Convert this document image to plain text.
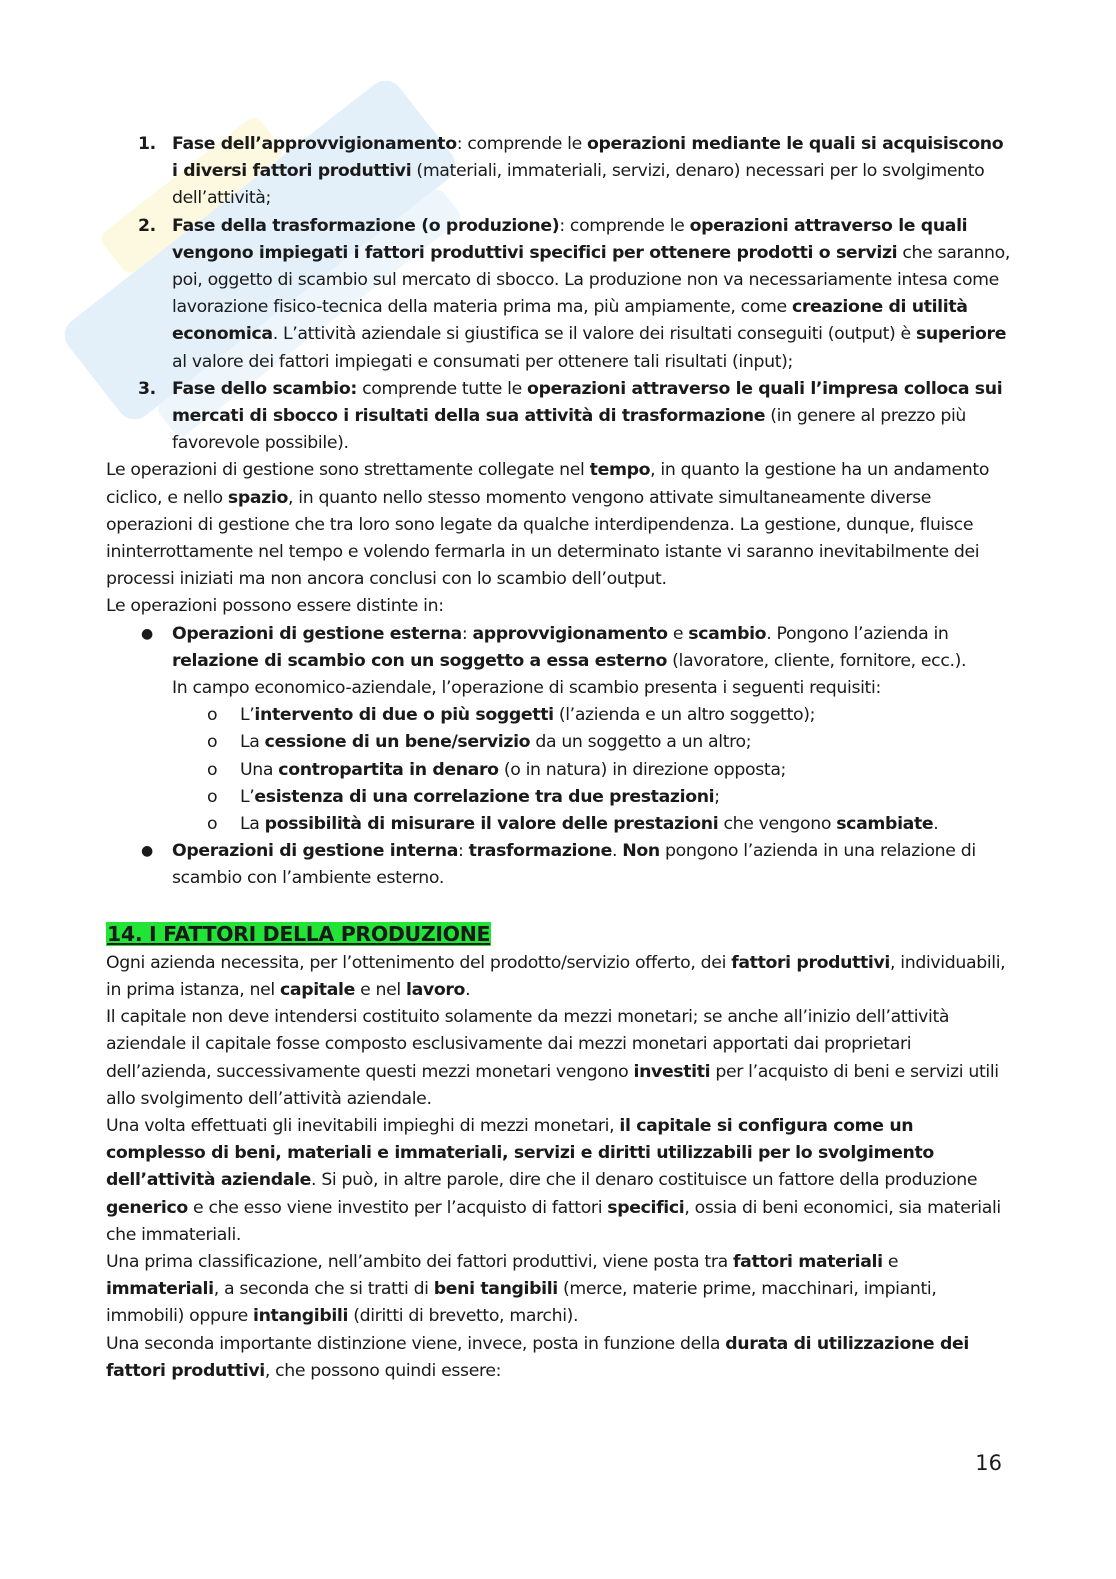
1. Fase dell’approvvigionamento: comprende le operazioni mediante le quali si acquisiscono i diversi fattori produttivi (materiali, immateriali, servizi, denaro) necessari per lo svolgimento dell’attività;
2. Fase della trasformazione (o produzione): comprende le operazioni attraverso le quali vengono impiegati i fattori produttivi specifici per ottenere prodotti o servizi che saranno, poi, oggetto di scambio sul mercato di sbocco. La produzione non va necessariamente intesa come lavorazione fisico-tecnica della materia prima ma, più ampiamente, come creazione di utilità economica. L’attività aziendale si giustifica se il valore dei risultati conseguiti (output) è superiore al valore dei fattori impiegati e consumati per ottenere tali risultati (input);
3. Fase dello scambio: comprende tutte le operazioni attraverso le quali l’impresa colloca sui mercati di sbocco i risultati della sua attività di trasformazione (in genere al prezzo più favorevole possibile).

Le operazioni di gestione sono strettamente collegate nel tempo, in quanto la gestione ha un andamento ciclico, e nello spazio, in quanto nello stesso momento vengono attivate simultaneamente diverse operazioni di gestione che tra loro sono legate da qualche interdipendenza. La gestione, dunque, fluisce ininterrottamente nel tempo e volendo fermarla in un determinato istante vi saranno inevitabilmente dei processi iniziati ma non ancora conclusi con lo scambio dell’output.

Le operazioni possono essere distinte in:

● Operazioni di gestione esterna: approvvigionamento e scambio. Pongono l’azienda in relazione di scambio con un soggetto a essa esterno (lavoratore, cliente, fornitore, ecc.).
In campo economico-aziendale, l’operazione di scambio presenta i seguenti requisiti:
o L’intervento di due o più soggetti (l’azienda e un altro soggetto);
o La cessione di un bene/servizio da un soggetto a un altro;
o Una contropartita in denaro (o in natura) in direzione opposta;
o L’esistenza di una correlazione tra due prestazioni;
o La possibilità di misurare il valore delle prestazioni che vengono scambiate.
● Operazioni di gestione interna: trasformazione. Non pongono l’azienda in una relazione di scambio con l’ambiente esterno.
14. I FATTORI DELLA PRODUZIONE

Ogni azienda necessita, per l’ottenimento del prodotto/servizio offerto, dei fattori produttivi, individuabili, in prima istanza, nel capitale e nel lavoro.

Il capitale non deve intendersi costituito solamente da mezzi monetari; se anche all’inizio dell’attività aziendale il capitale fosse composto esclusivamente dai mezzi monetari apportati dai proprietari dell’azienda, successivamente questi mezzi monetari vengono investiti per l’acquisto di beni e servizi utili allo svolgimento dell’attività aziendale.

Una volta effettuati gli inevitabili impieghi di mezzi monetari, il capitale si configura come un complesso di beni, materiali e immateriali, servizi e diritti utilizzabili per lo svolgimento dell’attività aziendale. Si può, in altre parole, dire che il denaro costituisce un fattore della produzione generico e che esso viene investito per l’acquisto di fattori specifici, ossia di beni economici, sia materiali che immateriali.

Una prima classificazione, nell’ambito dei fattori produttivi, viene posta tra fattori materiali e immateriali, a seconda che si tratti di beni tangibili (merce, materie prime, macchinari, impianti, immobili) oppure intangibili (diritti di brevetto, marchi).

Una seconda importante distinzione viene, invece, posta in funzione della durata di utilizzazione dei fattori produttivi, che possono quindi essere:

16
